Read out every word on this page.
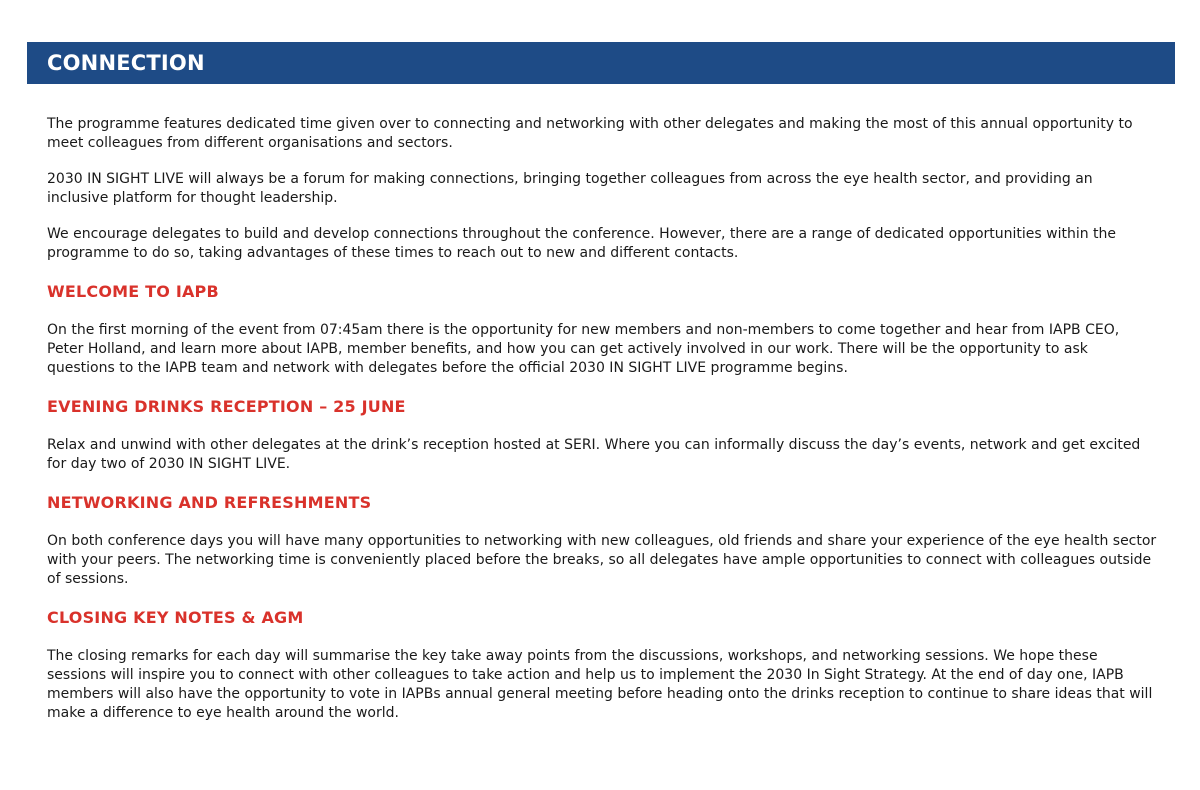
CONNECTION

The programme features dedicated time given over to connecting and networking with other delegates and making the most of this annual opportunity to meet colleagues from different organisations and sectors.

2030 IN SIGHT LIVE will always be a forum for making connections, bringing together colleagues from across the eye health sector, and providing an inclusive platform for thought leadership.

We encourage delegates to build and develop connections throughout the conference. However, there are a range of dedicated opportunities within the programme to do so, taking advantages of these times to reach out to new and different contacts.

WELCOME TO IAPB

On the first morning of the event from 07:45am there is the opportunity for new members and non-members to come together and hear from IAPB CEO, Peter Holland, and learn more about IAPB, member benefits, and how you can get actively involved in our work. There will be the opportunity to ask questions to the IAPB team and network with delegates before the official 2030 IN SIGHT LIVE programme begins.

EVENING DRINKS RECEPTION – 25 JUNE

Relax and unwind with other delegates at the drink’s reception hosted at SERI. Where you can informally discuss the day’s events, network and get excited for day two of 2030 IN SIGHT LIVE.

NETWORKING AND REFRESHMENTS

On both conference days you will have many opportunities to networking with new colleagues, old friends and share your experience of the eye health sector with your peers. The networking time is conveniently placed before the breaks, so all delegates have ample opportunities to connect with colleagues outside of sessions.

CLOSING KEY NOTES & AGM

The closing remarks for each day will summarise the key take away points from the discussions, workshops, and networking sessions. We hope these sessions will inspire you to connect with other colleagues to take action and help us to implement the 2030 In Sight Strategy. At the end of day one, IAPB members will also have the opportunity to vote in IAPBs annual general meeting before heading onto the drinks reception to continue to share ideas that will make a difference to eye health around the world.
